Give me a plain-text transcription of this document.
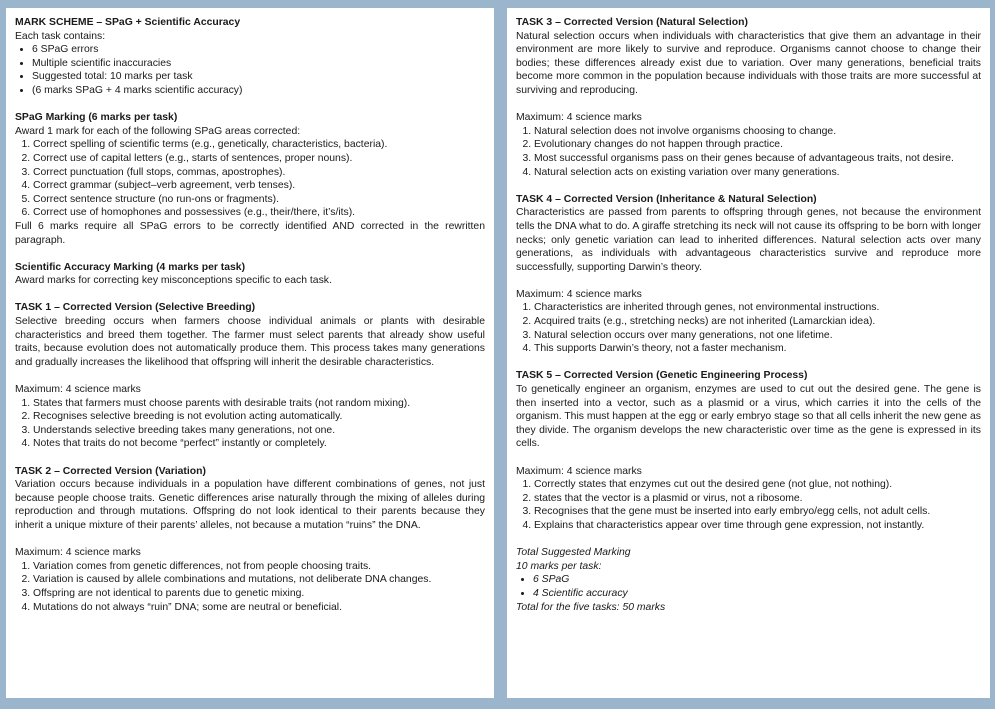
MARK SCHEME – SPaG + Scientific Accuracy

Each task contains:

• 6 SPaG errors
• Multiple scientific inaccuracies
• Suggested total: 10 marks per task
• (6 marks SPaG + 4 marks scientific accuracy)

SPaG Marking (6 marks per task)

Award 1 mark for each of the following SPaG areas corrected:

1. Correct spelling of scientific terms (e.g., genetically, characteristics, bacteria).
2. Correct use of capital letters (e.g., starts of sentences, proper nouns).
3. Correct punctuation (full stops, commas, apostrophes).
4. Correct grammar (subject–verb agreement, verb tenses).
5. Correct sentence structure (no run-ons or fragments).
6. Correct use of homophones and possessives (e.g., their/there, it’s/its).

Full 6 marks require all SPaG errors to be correctly identified AND corrected in the rewritten paragraph.

Scientific Accuracy Marking (4 marks per task)

Award marks for correcting key misconceptions specific to each task.

TASK 1 – Corrected Version (Selective Breeding)

Selective breeding occurs when farmers choose individual animals or plants with desirable characteristics and breed them together. The farmer must select parents that already show useful traits, because evolution does not automatically produce them. This process takes many generations and gradually increases the likelihood that offspring will inherit the desirable characteristics.

Maximum: 4 science marks

1. States that farmers must choose parents with desirable traits (not random mixing).
2. Recognises selective breeding is not evolution acting automatically.
3. Understands selective breeding takes many generations, not one.
4. Notes that traits do not become “perfect” instantly or completely.

TASK 2 – Corrected Version (Variation)

Variation occurs because individuals in a population have different combinations of genes, not just because people choose traits. Genetic differences arise naturally through the mixing of alleles during reproduction and through mutations. Offspring do not look identical to their parents because they inherit a unique mixture of their parents’ alleles, not because a mutation “ruins” the DNA.

Maximum: 4 science marks

1. Variation comes from genetic differences, not from people choosing traits.
2. Variation is caused by allele combinations and mutations, not deliberate DNA changes.
3. Offspring are not identical to parents due to genetic mixing.
4. Mutations do not always “ruin” DNA; some are neutral or beneficial.

TASK 3 – Corrected Version (Natural Selection)

Natural selection occurs when individuals with characteristics that give them an advantage in their environment are more likely to survive and reproduce. Organisms cannot choose to change their bodies; these differences already exist due to variation. Over many generations, beneficial traits become more common in the population because individuals with those traits are more successful at surviving and reproducing.

Maximum: 4 science marks

1. Natural selection does not involve organisms choosing to change.
2. Evolutionary changes do not happen through practice.
3. Most successful organisms pass on their genes because of advantageous traits, not desire.
4. Natural selection acts on existing variation over many generations.

TASK 4 – Corrected Version (Inheritance & Natural Selection)

Characteristics are passed from parents to offspring through genes, not because the environment tells the DNA what to do. A giraffe stretching its neck will not cause its offspring to be born with longer necks; only genetic variation can lead to inherited differences. Natural selection acts over many generations, as individuals with advantageous characteristics survive and reproduce more successfully, supporting Darwin’s theory.

Maximum: 4 science marks

1. Characteristics are inherited through genes, not environmental instructions.
2. Acquired traits (e.g., stretching necks) are not inherited (Lamarckian idea).
3. Natural selection occurs over many generations, not one lifetime.
4. This supports Darwin’s theory, not a faster mechanism.

TASK 5 – Corrected Version (Genetic Engineering Process)

To genetically engineer an organism, enzymes are used to cut out the desired gene. The gene is then inserted into a vector, such as a plasmid or a virus, which carries it into the cells of the organism. This must happen at the egg or early embryo stage so that all cells inherit the new gene as they divide. The organism develops the new characteristic over time as the gene is expressed in its cells.

Maximum: 4 science marks

1. Correctly states that enzymes cut out the desired gene (not glue, not nothing).
2. states that the vector is a plasmid or virus, not a ribosome.
3. Recognises that the gene must be inserted into early embryo/egg cells, not adult cells.
4. Explains that characteristics appear over time through gene expression, not instantly.

Total Suggested Marking

10 marks per task:

• 6 SPaG
• 4 Scientific accuracy

Total for the five tasks: 50 marks
